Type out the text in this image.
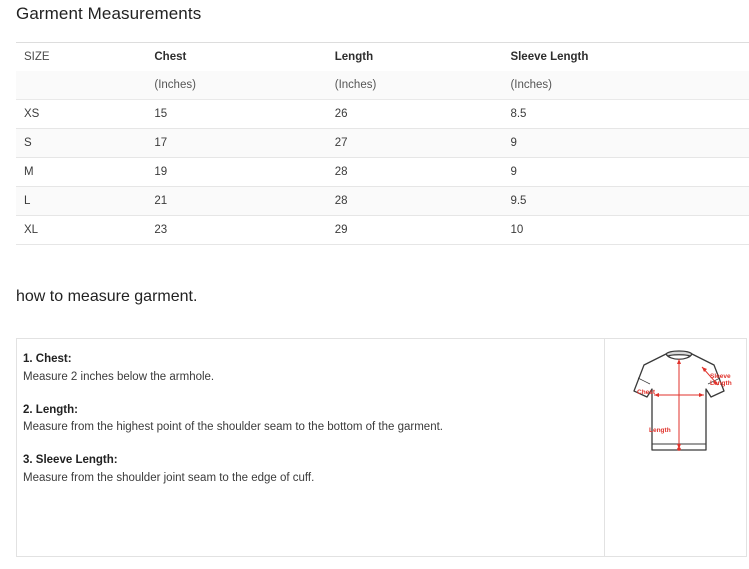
Garment Measurements
SIZE	Chest	Length	Sleeve Length
	(Inches)	(Inches)	(Inches)
XS	15	26	8.5
S	17	27	9
M	19	28	9
L	21	28	9.5
XL	23	29	10
how to measure garment.

1. Chest:
Measure 2 inches below the armhole.

2. Length:
Measure from the highest point of the shoulder seam to the bottom of the garment.

3. Sleeve Length:
Measure from the shoulder joint seam to the edge of cuff.

Chest
Sleeve
Length
Length
